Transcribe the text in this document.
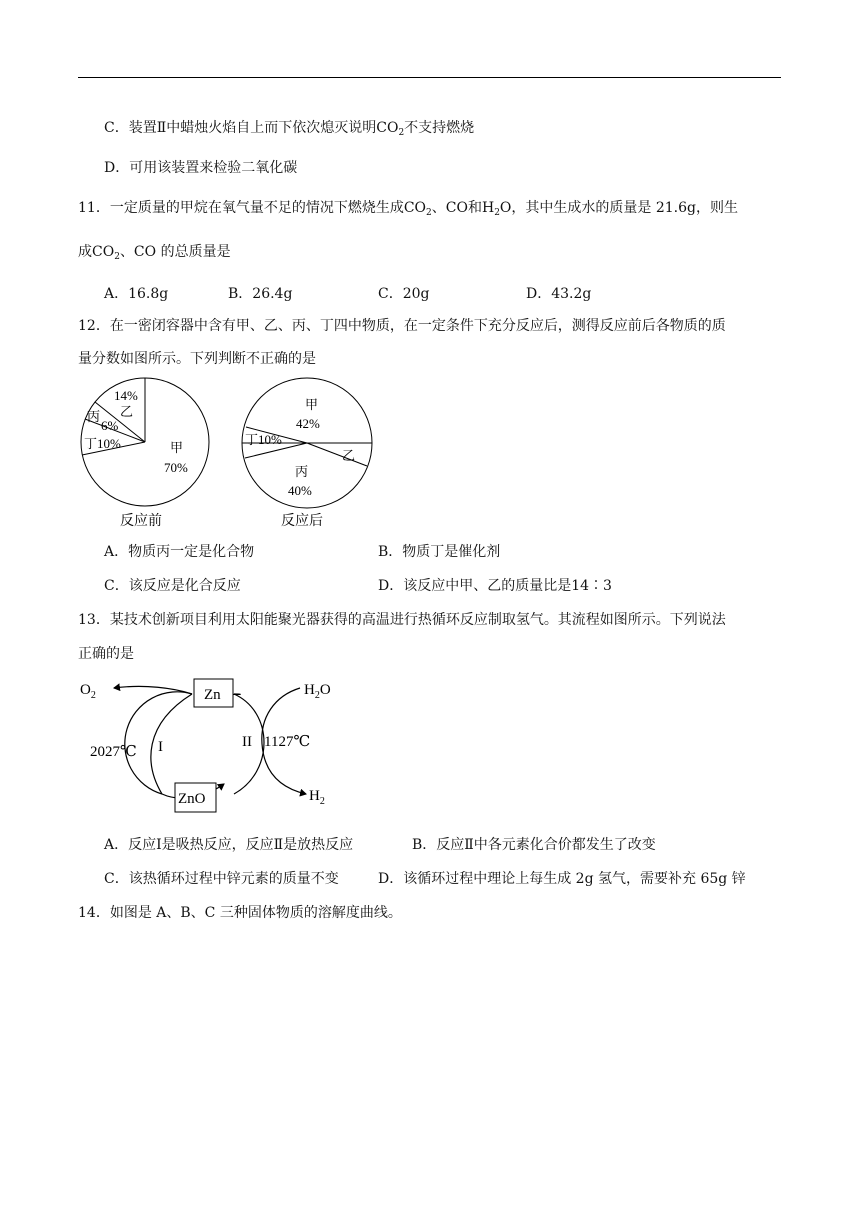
C．装置Ⅱ中蜡烛火焰自上而下依次熄灭说明$CO_2$不支持燃烧
D．可用该装置来检验二氧化碳
11．一定质量的甲烷在氧气量不足的情况下燃烧生成$CO_2$、CO和$H_2O$，其中生成水的质量是 21.6g，则生
成$CO_2$、CO 的总质量是
A．16.8g	B．26.4g	C．20g	D．43.2g
12．在一密闭容器中含有甲、乙、丙、丁四中物质，在一定条件下充分反应后，测得反应前后各物质的质
量分数如图所示。下列判断不正确的是
14%
乙
丙
6%
丁10%	甲
70%
反应前
甲
42%
丁10%
乙
丙
40%
反应后
A．物质丙一定是化合物	B．物质丁是催化剂
C．该反应是化合反应	D．该反应中甲、乙的质量比是14∶3
13．某技术创新项目利用太阳能聚光器获得的高温进行热循环反应制取氢气。其流程如图所示。下列说法
正确的是
Zn
ZnO
$O_2$	$H_2O$
$H_2$
2027℃ I	II 1127℃
A．反应Ⅰ是吸热反应，反应Ⅱ是放热反应	B．反应Ⅱ中各元素化合价都发生了改变
C．该热循环过程中锌元素的质量不变	D．该循环过程中理论上每生成 2g 氢气，需要补充 65g 锌
14．如图是 A、B、C 三种固体物质的溶解度曲线。
